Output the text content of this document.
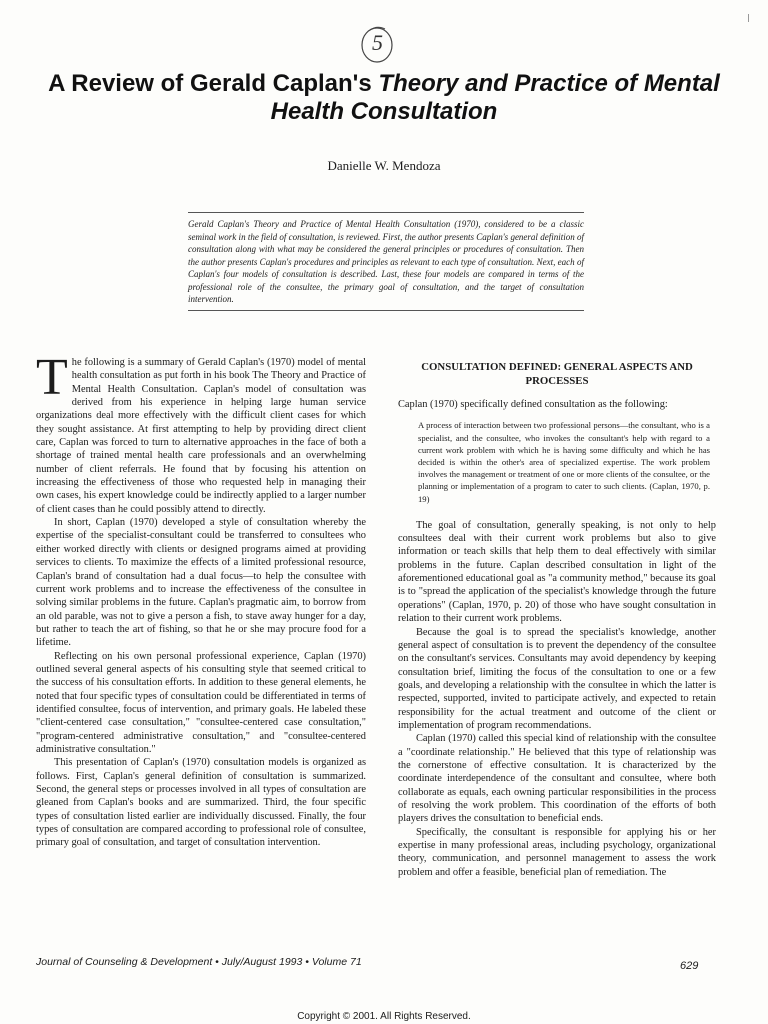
5
A Review of Gerald Caplan's Theory and Practice of Mental Health Consultation
Danielle W. Mendoza
Gerald Caplan's Theory and Practice of Mental Health Consultation (1970), considered to be a classic seminal work in the field of consultation, is reviewed. First, the author presents Caplan's general definition of consultation along with what may be considered the general principles or procedures of consultation. Then the author presents Caplan's procedures and principles as relevant to each type of consultation. Next, each of Caplan's four models of consultation is described. Last, these four models are compared in terms of the professional role of the consultee, the primary goal of consultation, and the target of consultation intervention.

The following is a summary of Gerald Caplan's (1970) model of mental health consultation as put forth in his book The Theory and Practice of Mental Health Consultation. Caplan's model of consultation was derived from his experience in helping large human service organizations deal more effectively with the difficult client cases for which they sought assistance. At first attempting to help by providing direct client care, Caplan was forced to turn to alternative approaches in the face of both a shortage of trained mental health care professionals and an overwhelming number of client referrals. He found that by focusing his attention on increasing the effectiveness of those who requested help in managing their own cases, his expert knowledge could be indirectly applied to a larger number of client cases than he could possibly attend to directly.

In short, Caplan (1970) developed a style of consultation whereby the expertise of the specialist-consultant could be transferred to consultees who either worked directly with clients or designed programs aimed at providing services to clients. To maximize the effects of a limited professional resource, Caplan's brand of consultation had a dual focus—to help the consultee with current work problems and to increase the effectiveness of the consultee in solving similar problems in the future. Caplan's pragmatic aim, to borrow from an old parable, was not to give a person a fish, to stave away hunger for a day, but rather to teach the art of fishing, so that he or she may procure food for a lifetime.

Reflecting on his own personal professional experience, Caplan (1970) outlined several general aspects of his consulting style that seemed critical to the success of his consultation efforts. In addition to these general elements, he noted that four specific types of consultation could be differentiated in terms of identified consultee, focus of intervention, and primary goals. He labeled these "client-centered case consultation," "consultee-centered case consultation," "program-centered administrative consultation," and "consultee-centered administrative consultation."

This presentation of Caplan's (1970) consultation models is organized as follows. First, Caplan's general definition of consultation is summarized. Second, the general steps or processes involved in all types of consultation are gleaned from Caplan's books and are summarized. Third, the four specific types of consultation listed earlier are individually discussed. Finally, the four types of consultation are compared according to professional role of consultee, primary goal of consultation, and target of consultation intervention.

CONSULTATION DEFINED: GENERAL ASPECTS AND PROCESSES

Caplan (1970) specifically defined consultation as the following:

A process of interaction between two professional persons—the consultant, who is a specialist, and the consultee, who invokes the consultant's help with regard to a current work problem with which he is having some difficulty and which he has decided is within the other's area of specialized expertise. The work problem involves the management or treatment of one or more clients of the consultee, or the planning or implementation of a program to cater to such clients. (Caplan, 1970, p. 19)

The goal of consultation, generally speaking, is not only to help consultees deal with their current work problems but also to give information or teach skills that help them to deal effectively with similar problems in the future. Caplan described consultation in light of the aforementioned educational goal as "a community method," because its goal is to "spread the application of the specialist's knowledge through the future operations" (Caplan, 1970, p. 20) of those who have sought consultation in relation to their current work problems.

Because the goal is to spread the specialist's knowledge, another general aspect of consultation is to prevent the dependency of the consultee on the consultant's services. Consultants may avoid dependency by keeping consultation brief, limiting the focus of the consultation to one or a few goals, and developing a relationship with the consultee in which the latter is respected, supported, invited to participate actively, and expected to retain responsibility for the actual treatment and outcome of the client or implementation of program recommendations.

Caplan (1970) called this special kind of relationship with the consultee a "coordinate relationship." He believed that this type of relationship was the cornerstone of effective consultation. It is characterized by the coordinate interdependence of the consultant and consultee, where both collaborate as equals, each owning particular responsibilities in the process of resolving the work problem. This coordination of the efforts of both players drives the consultation to beneficial ends.

Specifically, the consultant is responsible for applying his or her expertise in many professional areas, including psychology, organizational theory, communication, and personnel management to assess the work problem and offer a feasible, beneficial plan of remediation. The

Journal of Counseling & Development • July/August 1993 • Volume 71	629
Copyright © 2001. All Rights Reserved.
